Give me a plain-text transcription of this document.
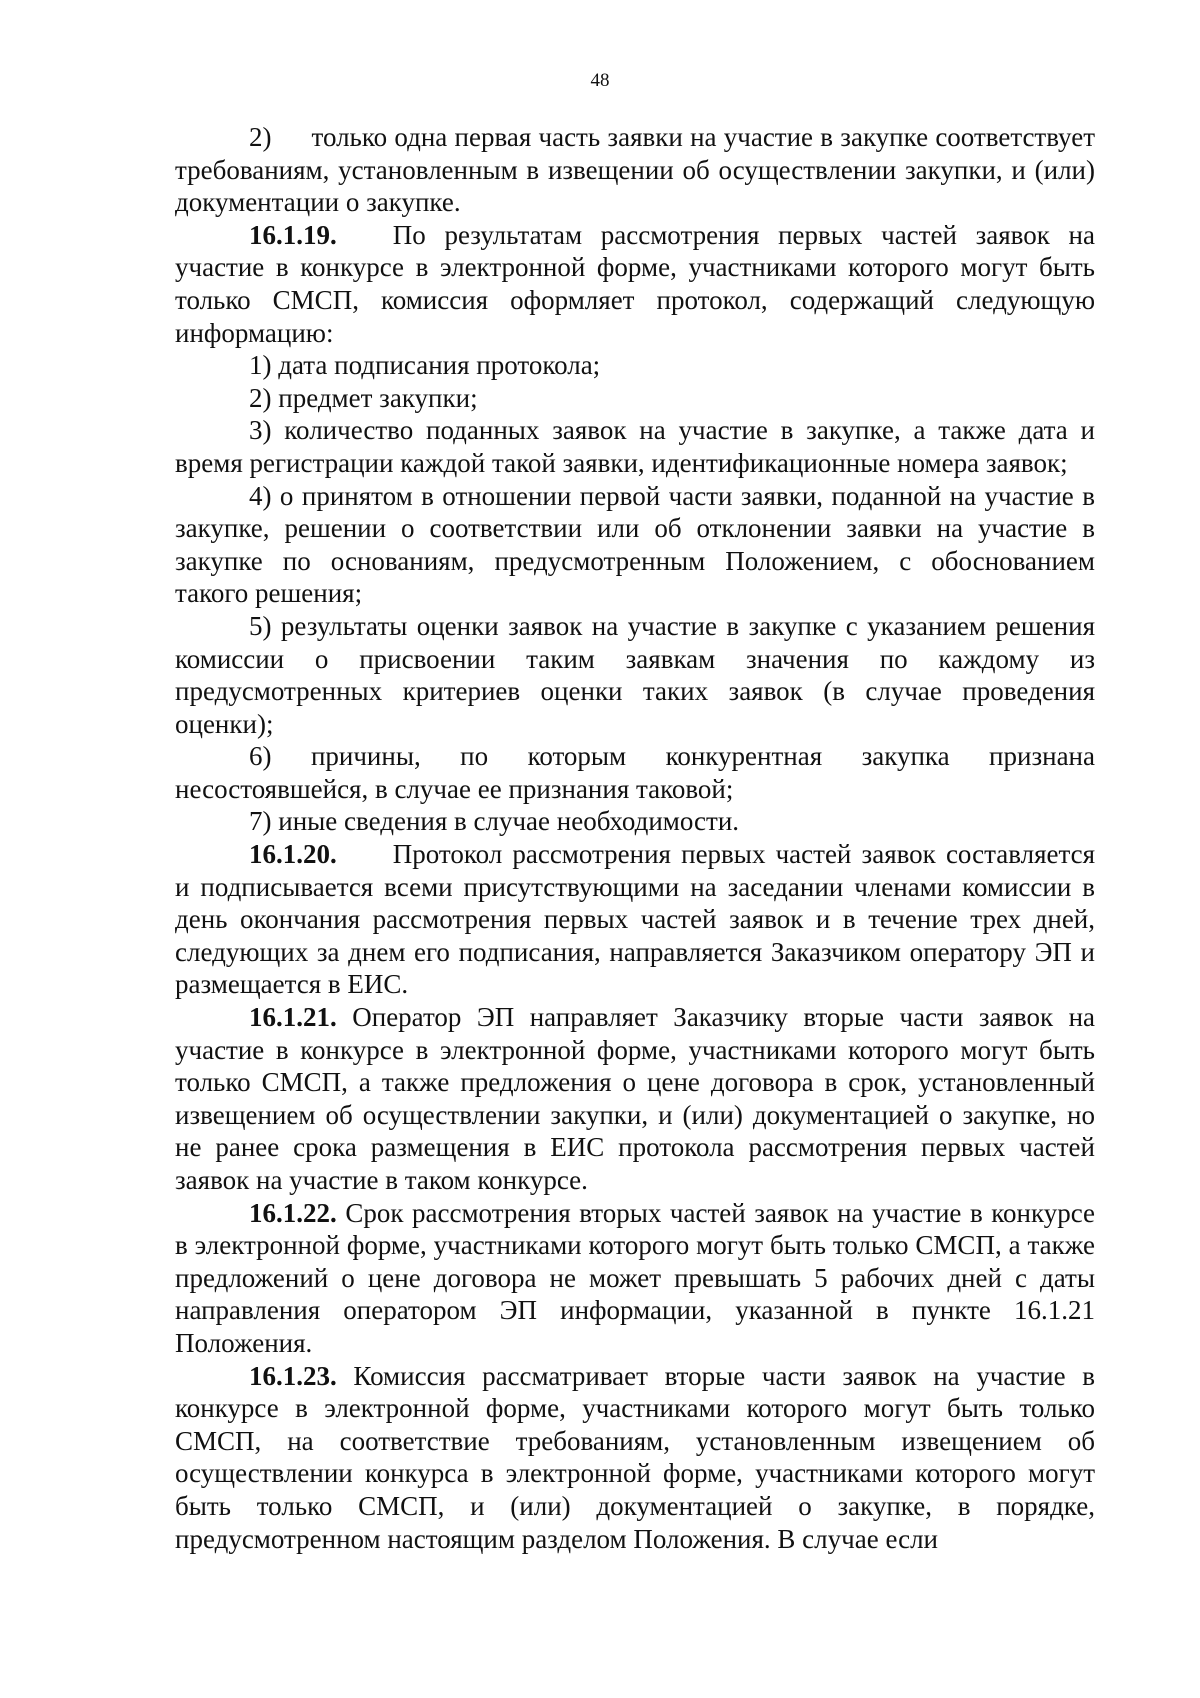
48

2) только одна первая часть заявки на участие в закупке соответствует требованиям, установленным в извещении об осуществлении закупки, и (или) документации о закупке.

16.1.19. По результатам рассмотрения первых частей заявок на участие в конкурсе в электронной форме, участниками которого могут быть только СМСП, комиссия оформляет протокол, содержащий следующую информацию:

1) дата подписания протокола;

2) предмет закупки;

3) количество поданных заявок на участие в закупке, а также дата и время регистрации каждой такой заявки, идентификационные номера заявок;

4) о принятом в отношении первой части заявки, поданной на участие в закупке, решении о соответствии или об отклонении заявки на участие в закупке по основаниям, предусмотренным Положением, с обоснованием такого решения;

5) результаты оценки заявок на участие в закупке с указанием решения комиссии о присвоении таким заявкам значения по каждому из предусмотренных критериев оценки таких заявок (в случае проведения оценки);

6) причины, по которым конкурентная закупка признана несостоявшейся, в случае ее признания таковой;

7) иные сведения в случае необходимости.

16.1.20. Протокол рассмотрения первых частей заявок составляется и подписывается всеми присутствующими на заседании членами комиссии в день окончания рассмотрения первых частей заявок и в течение трех дней, следующих за днем его подписания, направляется Заказчиком оператору ЭП и размещается в ЕИС.

16.1.21. Оператор ЭП направляет Заказчику вторые части заявок на участие в конкурсе в электронной форме, участниками которого могут быть только СМСП, а также предложения о цене договора в срок, установленный извещением об осуществлении закупки, и (или) документацией о закупке, но не ранее срока размещения в ЕИС протокола рассмотрения первых частей заявок на участие в таком конкурсе.

16.1.22. Срок рассмотрения вторых частей заявок на участие в конкурсе в электронной форме, участниками которого могут быть только СМСП, а также предложений о цене договора не может превышать 5 рабочих дней с даты направления оператором ЭП информации, указанной в пункте 16.1.21 Положения.

16.1.23. Комиссия рассматривает вторые части заявок на участие в конкурсе в электронной форме, участниками которого могут быть только СМСП, на соответствие требованиям, установленным извещением об осуществлении конкурса в электронной форме, участниками которого могут быть только СМСП, и (или) документацией о закупке, в порядке, предусмотренном настоящим разделом Положения. В случае если
